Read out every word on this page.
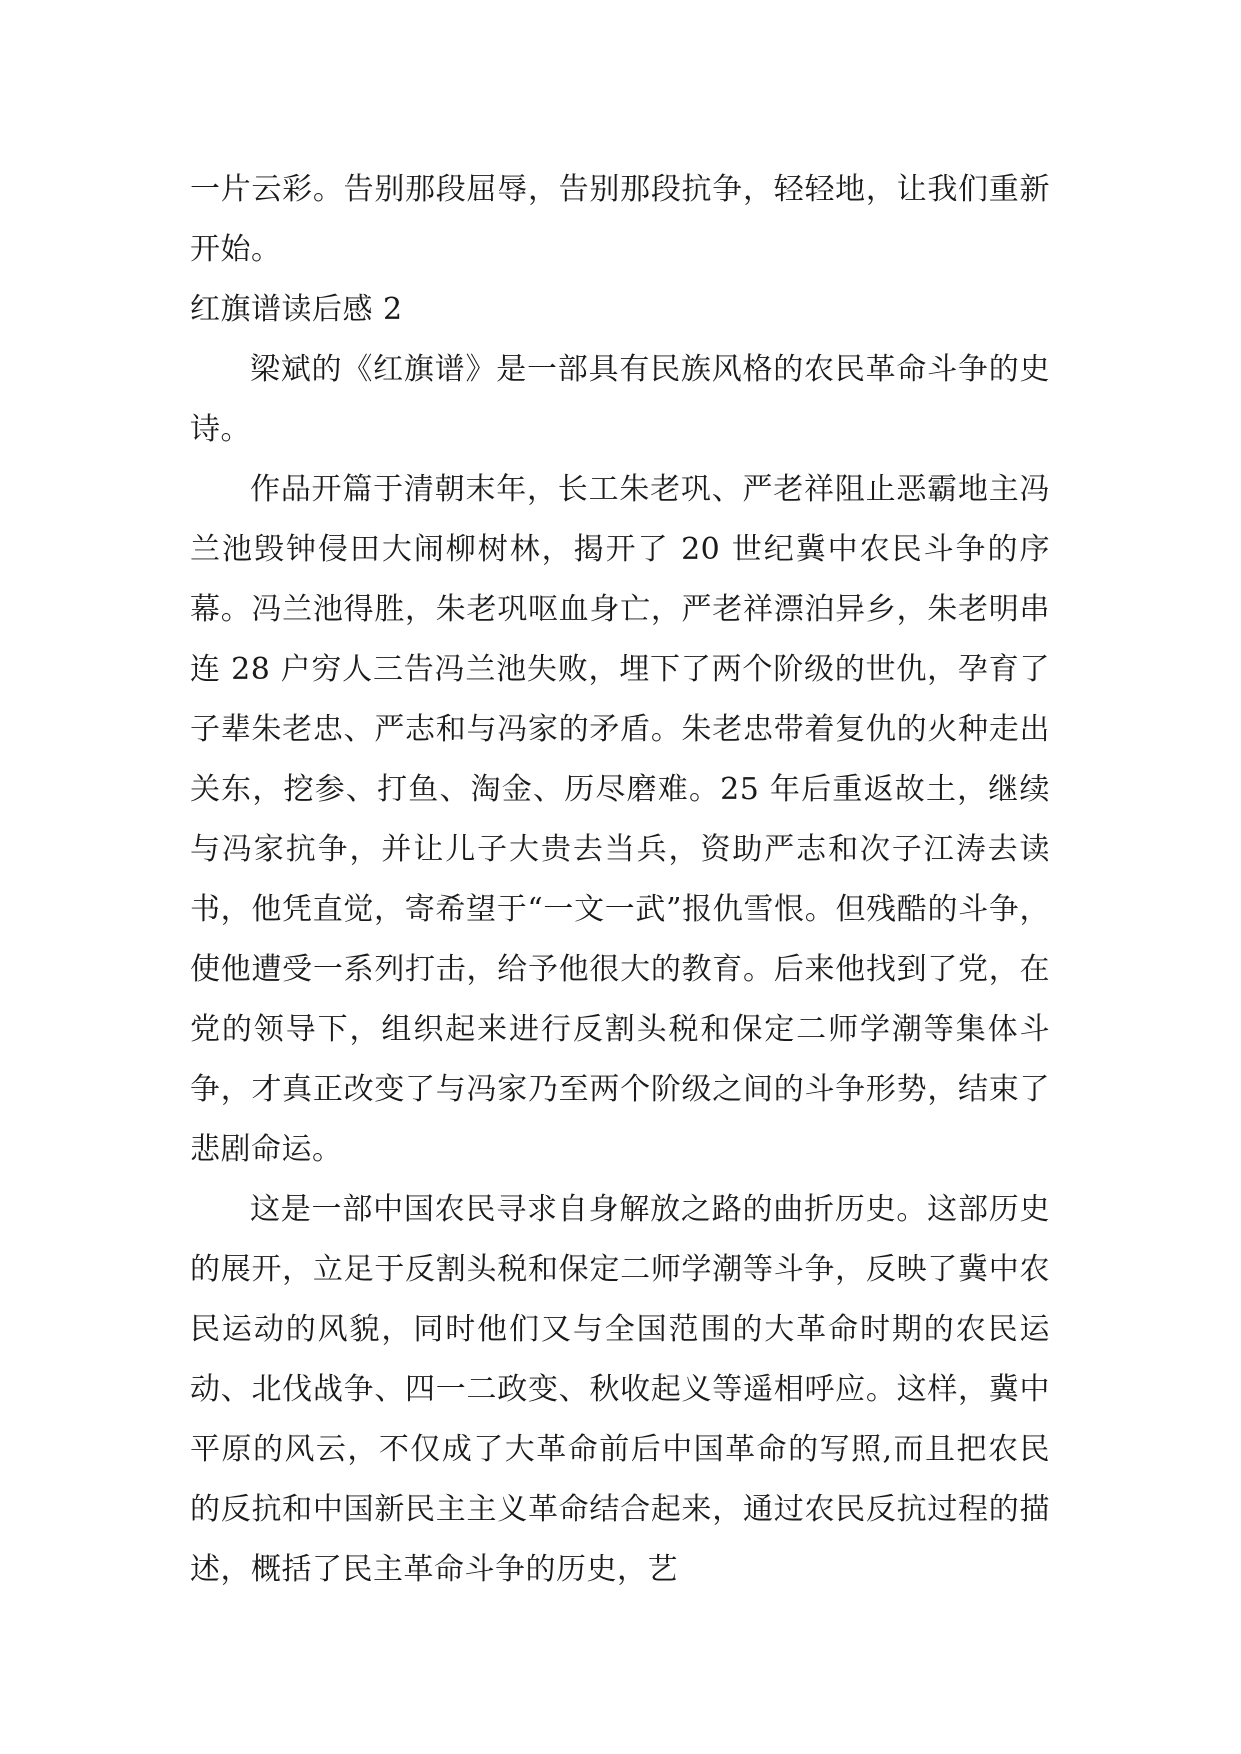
一片云彩。告别那段屈辱，告别那段抗争，轻轻地，让我们重新开始。

红旗谱读后感 2

梁斌的《红旗谱》是一部具有民族风格的农民革命斗争的史诗。

作品开篇于清朝末年，长工朱老巩、严老祥阻止恶霸地主冯兰池毁钟侵田大闹柳树林，揭开了 20 世纪冀中农民斗争的序幕。冯兰池得胜，朱老巩呕血身亡，严老祥漂泊异乡，朱老明串连 28 户穷人三告冯兰池失败，埋下了两个阶级的世仇，孕育了子辈朱老忠、严志和与冯家的矛盾。朱老忠带着复仇的火种走出关东，挖参、打鱼、淘金、历尽磨难。25 年后重返故土，继续与冯家抗争，并让儿子大贵去当兵，资助严志和次子江涛去读书，他凭直觉，寄希望于“一文一武”报仇雪恨。但残酷的斗争，使他遭受一系列打击，给予他很大的教育。后来他找到了党，在党的领导下，组织起来进行反割头税和保定二师学潮等集体斗争，才真正改变了与冯家乃至两个阶级之间的斗争形势，结束了悲剧命运。

这是一部中国农民寻求自身解放之路的曲折历史。这部历史的展开，立足于反割头税和保定二师学潮等斗争，反映了冀中农民运动的风貌，同时他们又与全国范围的大革命时期的农民运动、北伐战争、四一二政变、秋收起义等遥相呼应。这样，冀中平原的风云，不仅成了大革命前后中国革命的写照,而且把农民的反抗和中国新民主主义革命结合起来，通过农民反抗过程的描述，概括了民主革命斗争的历史，艺
